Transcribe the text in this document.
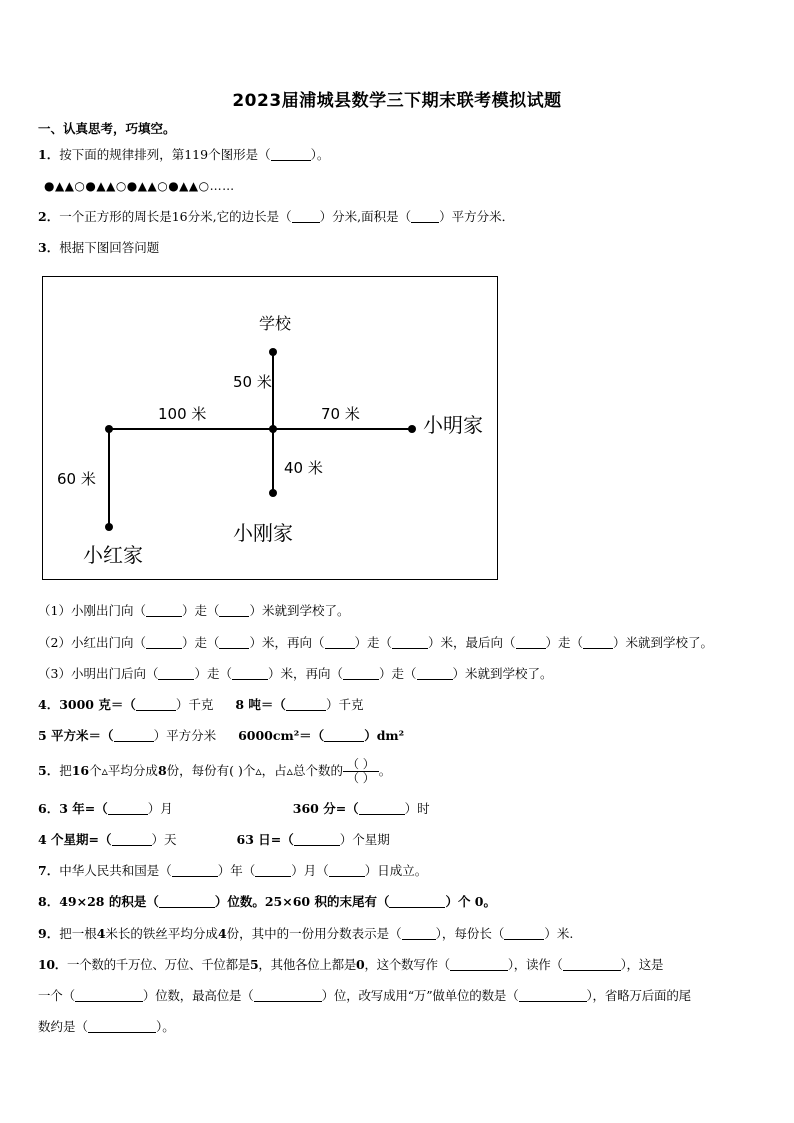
2023届浦城县数学三下期末联考模拟试题
一、认真思考，巧填空。
1．按下面的规律排列，第119个图形是（	）。
●▲▲○●▲▲○●▲▲○●▲▲○……
2．一个正方形的周长是16分米,它的边长是（ ）分米,面积是（ ）平方分米．
3．根据下图回答问题
学校
50 米
100 米	70 米	小明家
40 米
60 米
小刚家
小红家
（1）小刚出门向（	）走（ ）米就到学校了。
（2）小红出门向（	）走（ ）米，再向（ ）走（	）米，最后向（ ）走（ ）米就到学校了。
（3）小明出门后向（	）走（	）米，再向（	）走（	）米就到学校了。
4．3000 克＝（	）千克 8 吨＝（	）千克
5 平方米＝（	）平方分米 6000cm²＝（	）dm²
5．把16个▵平均分成8份，每份有( )个▵，占▵总个数的 $\frac{( )}{( )}$ 。
6．3 年=（	）月	360 分=（	）时
4 个星期=（	）天	63 日=（	）个星期
7．中华人民共和国是（	）年（	）月（	）日成立。
8．49×28 的积是（	）位数。25×60 积的末尾有（	）个 0。
9．把一根4米长的铁丝平均分成4份，其中的一份用分数表示是（	），每份长（	）米.
10．一个数的千万位、万位、千位都是5，其他各位上都是0，这个数写作（	），读作（	），这是
一个（	）位数，最高位是（	）位，改写成用“万”做单位的数是（	），省略万后面的尾
数约是（	）。
